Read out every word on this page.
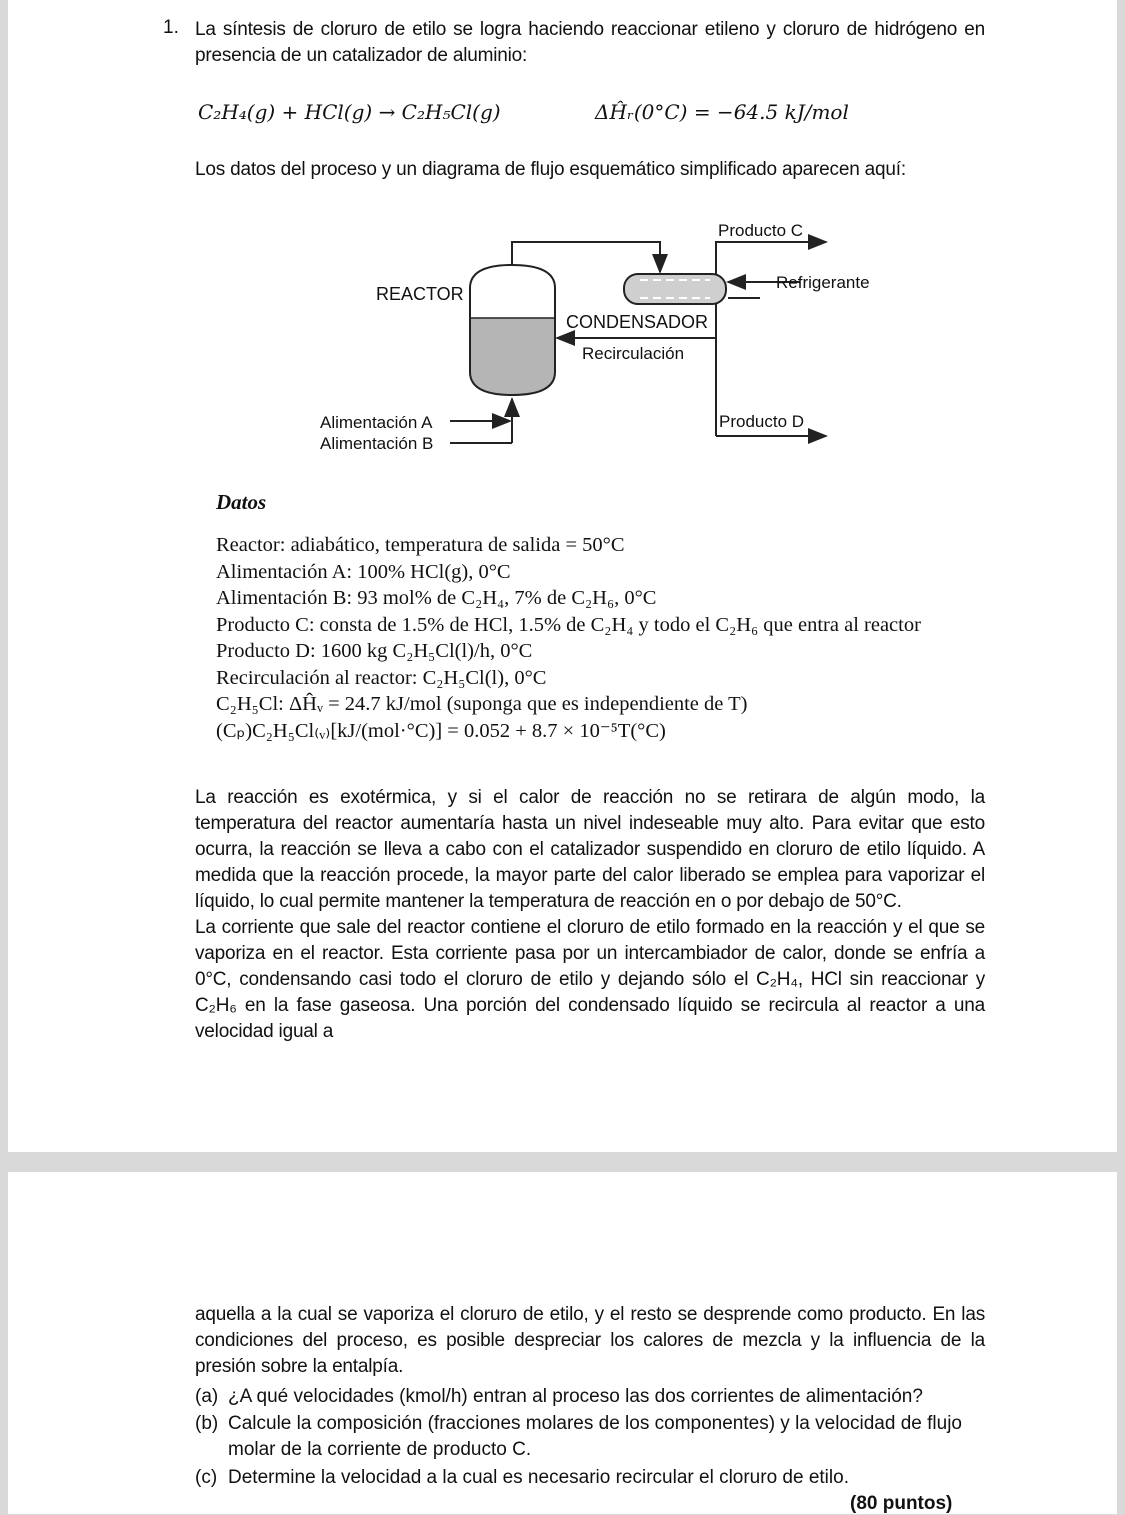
1. La síntesis de cloruro de etilo se logra haciendo reaccionar etileno y cloruro de hidrógeno en presencia de un catalizador de aluminio:
C₂H₄(g) + HCl(g) → C₂H₅Cl(g)	ΔĤᵣ(0°C) = −64.5 kJ/mol
Los datos del proceso y un diagrama de flujo esquemático simplificado aparecen aquí:
REACTOR
CONDENSADOR
Recirculación
Producto C
Refrigerante
Producto D
Alimentación A
Alimentación B
Datos
Reactor: adiabático, temperatura de salida = 50°C
Alimentación A: 100% HCl(g), 0°C
Alimentación B: 93 mol% de C₂H₄, 7% de C₂H₆, 0°C
Producto C: consta de 1.5% de HCl, 1.5% de C₂H₄ y todo el C₂H₆ que entra al reactor
Producto D: 1600 kg C₂H₅Cl(l)/h, 0°C
Recirculación al reactor: C₂H₅Cl(l), 0°C
C₂H₅Cl: ΔĤᵥ = 24.7 kJ/mol (suponga que es independiente de T)
(Cₚ)C₂H₅Cl₍ᵥ₎[kJ/(mol·°C)] = 0.052 + 8.7 × 10⁻⁵T(°C)
La reacción es exotérmica, y si el calor de reacción no se retirara de algún modo, la temperatura del reactor aumentaría hasta un nivel indeseable muy alto. Para evitar que esto ocurra, la reacción se lleva a cabo con el catalizador suspendido en cloruro de etilo líquido. A medida que la reacción procede, la mayor parte del calor liberado se emplea para vaporizar el líquido, lo cual permite mantener la temperatura de reacción en o por debajo de 50°C.
La corriente que sale del reactor contiene el cloruro de etilo formado en la reacción y el que se vaporiza en el reactor. Esta corriente pasa por un intercambiador de calor, donde se enfría a 0°C, condensando casi todo el cloruro de etilo y dejando sólo el C₂H₄, HCl sin reaccionar y C₂H₆ en la fase gaseosa. Una porción del condensado líquido se recircula al reactor a una velocidad igual a
aquella a la cual se vaporiza el cloruro de etilo, y el resto se desprende como producto. En las condiciones del proceso, es posible despreciar los calores de mezcla y la influencia de la presión sobre la entalpía.
(a) ¿A qué velocidades (kmol/h) entran al proceso las dos corrientes de alimentación?
(b) Calcule la composición (fracciones molares de los componentes) y la velocidad de flujo molar de la corriente de producto C.
(c) Determine la velocidad a la cual es necesario recircular el cloruro de etilo.
(80 puntos)
